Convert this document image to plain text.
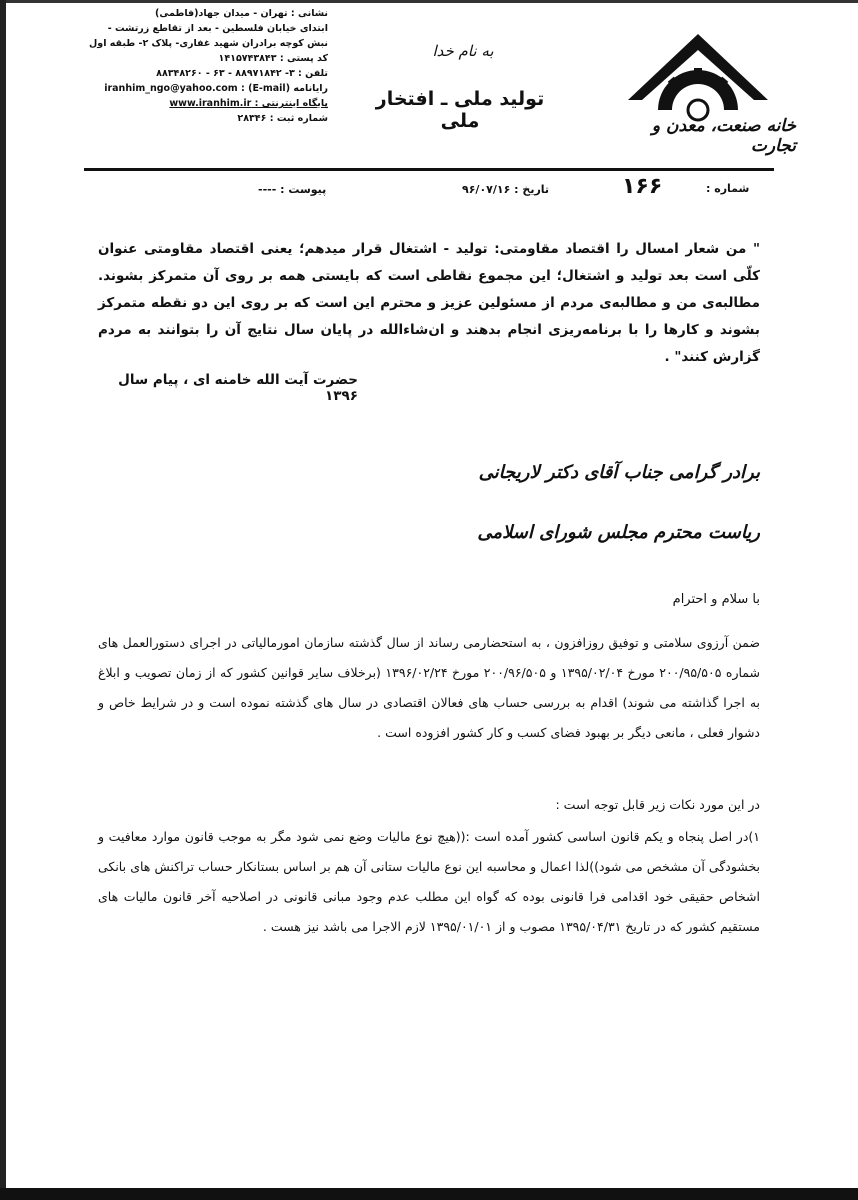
خانه صنعت، معدن و تجارت
به نام خدا
تولید ملی ـ افتخار ملی
نشانی : تهران - میدان جهاد(فاطمی)
ابتدای خیابان فلسطین - بعد از تقاطع زرتشت -
نبش کوچه برادران شهید غفاری- پلاک ۲- طبقه اول
کد پستی : ۱۴۱۵۷۴۳۸۴۳
تلفن : ۳- ۸۸۹۷۱۸۴۲ - ۶۳ - ۸۸۳۴۸۲۶۰
رایانامه (E-mail) : iranhim_ngo@yahoo.com
پایگاه اینترنتی : www.iranhim.ir
شماره ثبت : ۲۸۳۴۶
شماره :
۱۶۶
تاریخ : ۹۶/۰۷/۱۶
پیوست : ----
" من شعار امسال را اقتصاد مقاومتی: تولید - اشتغال قرار میدهم؛ یعنی اقتصاد مقاومتی عنوان کلّی است بعد تولید و اشتغال؛ این مجموع نقاطی است که بایستی همه بر روی آن متمرکز بشوند. مطالبه‌ی من و مطالبه‌ی مردم از مسئولین عزیز و محترم این است که بر روی این دو نقطه متمرکز بشوند و کارها را با برنامه‌ریزی انجام بدهند و ان‌شاءالله در پایان سال نتایج آن را بتوانند به مردم گزارش کنند" .
حضرت آیت الله خامنه ای ، پیام سال ۱۳۹۶
برادر گرامی جناب آقای دکتر لاریجانی
ریاست محترم مجلس شورای اسلامی
با سلام و احترام
ضمن آرزوی سلامتی و توفیق روزافزون ، به استحضارمی رساند از سال گذشته سازمان امورمالیاتی در اجرای دستورالعمل های شماره ۲۰۰/۹۵/۵۰۵ مورخ ۱۳۹۵/۰۲/۰۴ و ۲۰۰/۹۶/۵۰۵ مورخ ۱۳۹۶/۰۲/۲۴ (برخلاف سایر قوانین کشور که از زمان تصویب و ابلاغ به اجرا گذاشته می شوند) اقدام به بررسی حساب های فعالان اقتصادی در سال های گذشته نموده است و در شرایط خاص و دشوار فعلی ، مانعی دیگر بر بهبود فضای کسب و کار کشور افزوده است .
در این مورد نکات زیر قابل توجه است :
۱)در اصل پنجاه و یکم قانون اساسی کشور آمده است :((هیچ نوع مالیات وضع نمی شود مگر به موجب قانون موارد معافیت و بخشودگی آن مشخص می شود))لذا اعمال و محاسبه این نوع مالیات ستانی آن هم بر اساس بستانکار حساب تراکنش های بانکی اشخاص حقیقی خود اقدامی فرا قانونی بوده که گواه این مطلب عدم وجود مبانی قانونی در اصلاحیه آخر قانون مالیات های مستقیم کشور که در تاریخ ۱۳۹۵/۰۴/۳۱ مصوب و از ۱۳۹۵/۰۱/۰۱ لازم الاجرا می باشد نیز هست .
